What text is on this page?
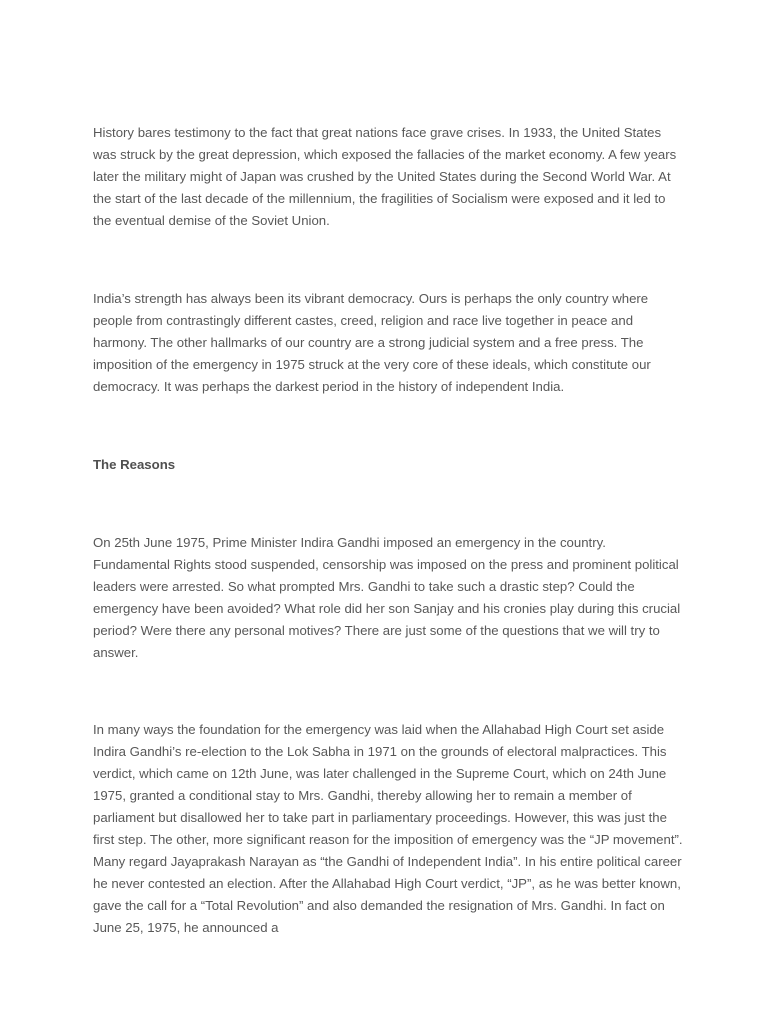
History bares testimony to the fact that great nations face grave crises. In 1933, the United States was struck by the great depression, which exposed the fallacies of the market economy. A few years later the military might of Japan was crushed by the United States during the Second World War. At the start of the last decade of the millennium, the fragilities of Socialism were exposed and it led to the eventual demise of the Soviet Union.

India’s strength has always been its vibrant democracy. Ours is perhaps the only country where people from contrastingly different castes, creed, religion and race live together in peace and harmony. The other hallmarks of our country are a strong judicial system and a free press. The imposition of the emergency in 1975 struck at the very core of these ideals, which constitute our democracy. It was perhaps the darkest period in the history of independent India.

The Reasons

On 25th June 1975, Prime Minister Indira Gandhi imposed an emergency in the country. Fundamental Rights stood suspended, censorship was imposed on the press and prominent political leaders were arrested. So what prompted Mrs. Gandhi to take such a drastic step? Could the emergency have been avoided? What role did her son Sanjay and his cronies play during this crucial period? Were there any personal motives? There are just some of the questions that we will try to answer.

In many ways the foundation for the emergency was laid when the Allahabad High Court set aside Indira Gandhi’s re-election to the Lok Sabha in 1971 on the grounds of electoral malpractices. This verdict, which came on 12th June, was later challenged in the Supreme Court, which on 24th June 1975, granted a conditional stay to Mrs. Gandhi, thereby allowing her to remain a member of parliament but disallowed her to take part in parliamentary proceedings. However, this was just the first step. The other, more significant reason for the imposition of emergency was the “JP movement”. Many regard Jayaprakash Narayan as “the Gandhi of Independent India”. In his entire political career he never contested an election. After the Allahabad High Court verdict, “JP”, as he was better known, gave the call for a “Total Revolution” and also demanded the resignation of Mrs. Gandhi. In fact on June 25, 1975, he announced a
